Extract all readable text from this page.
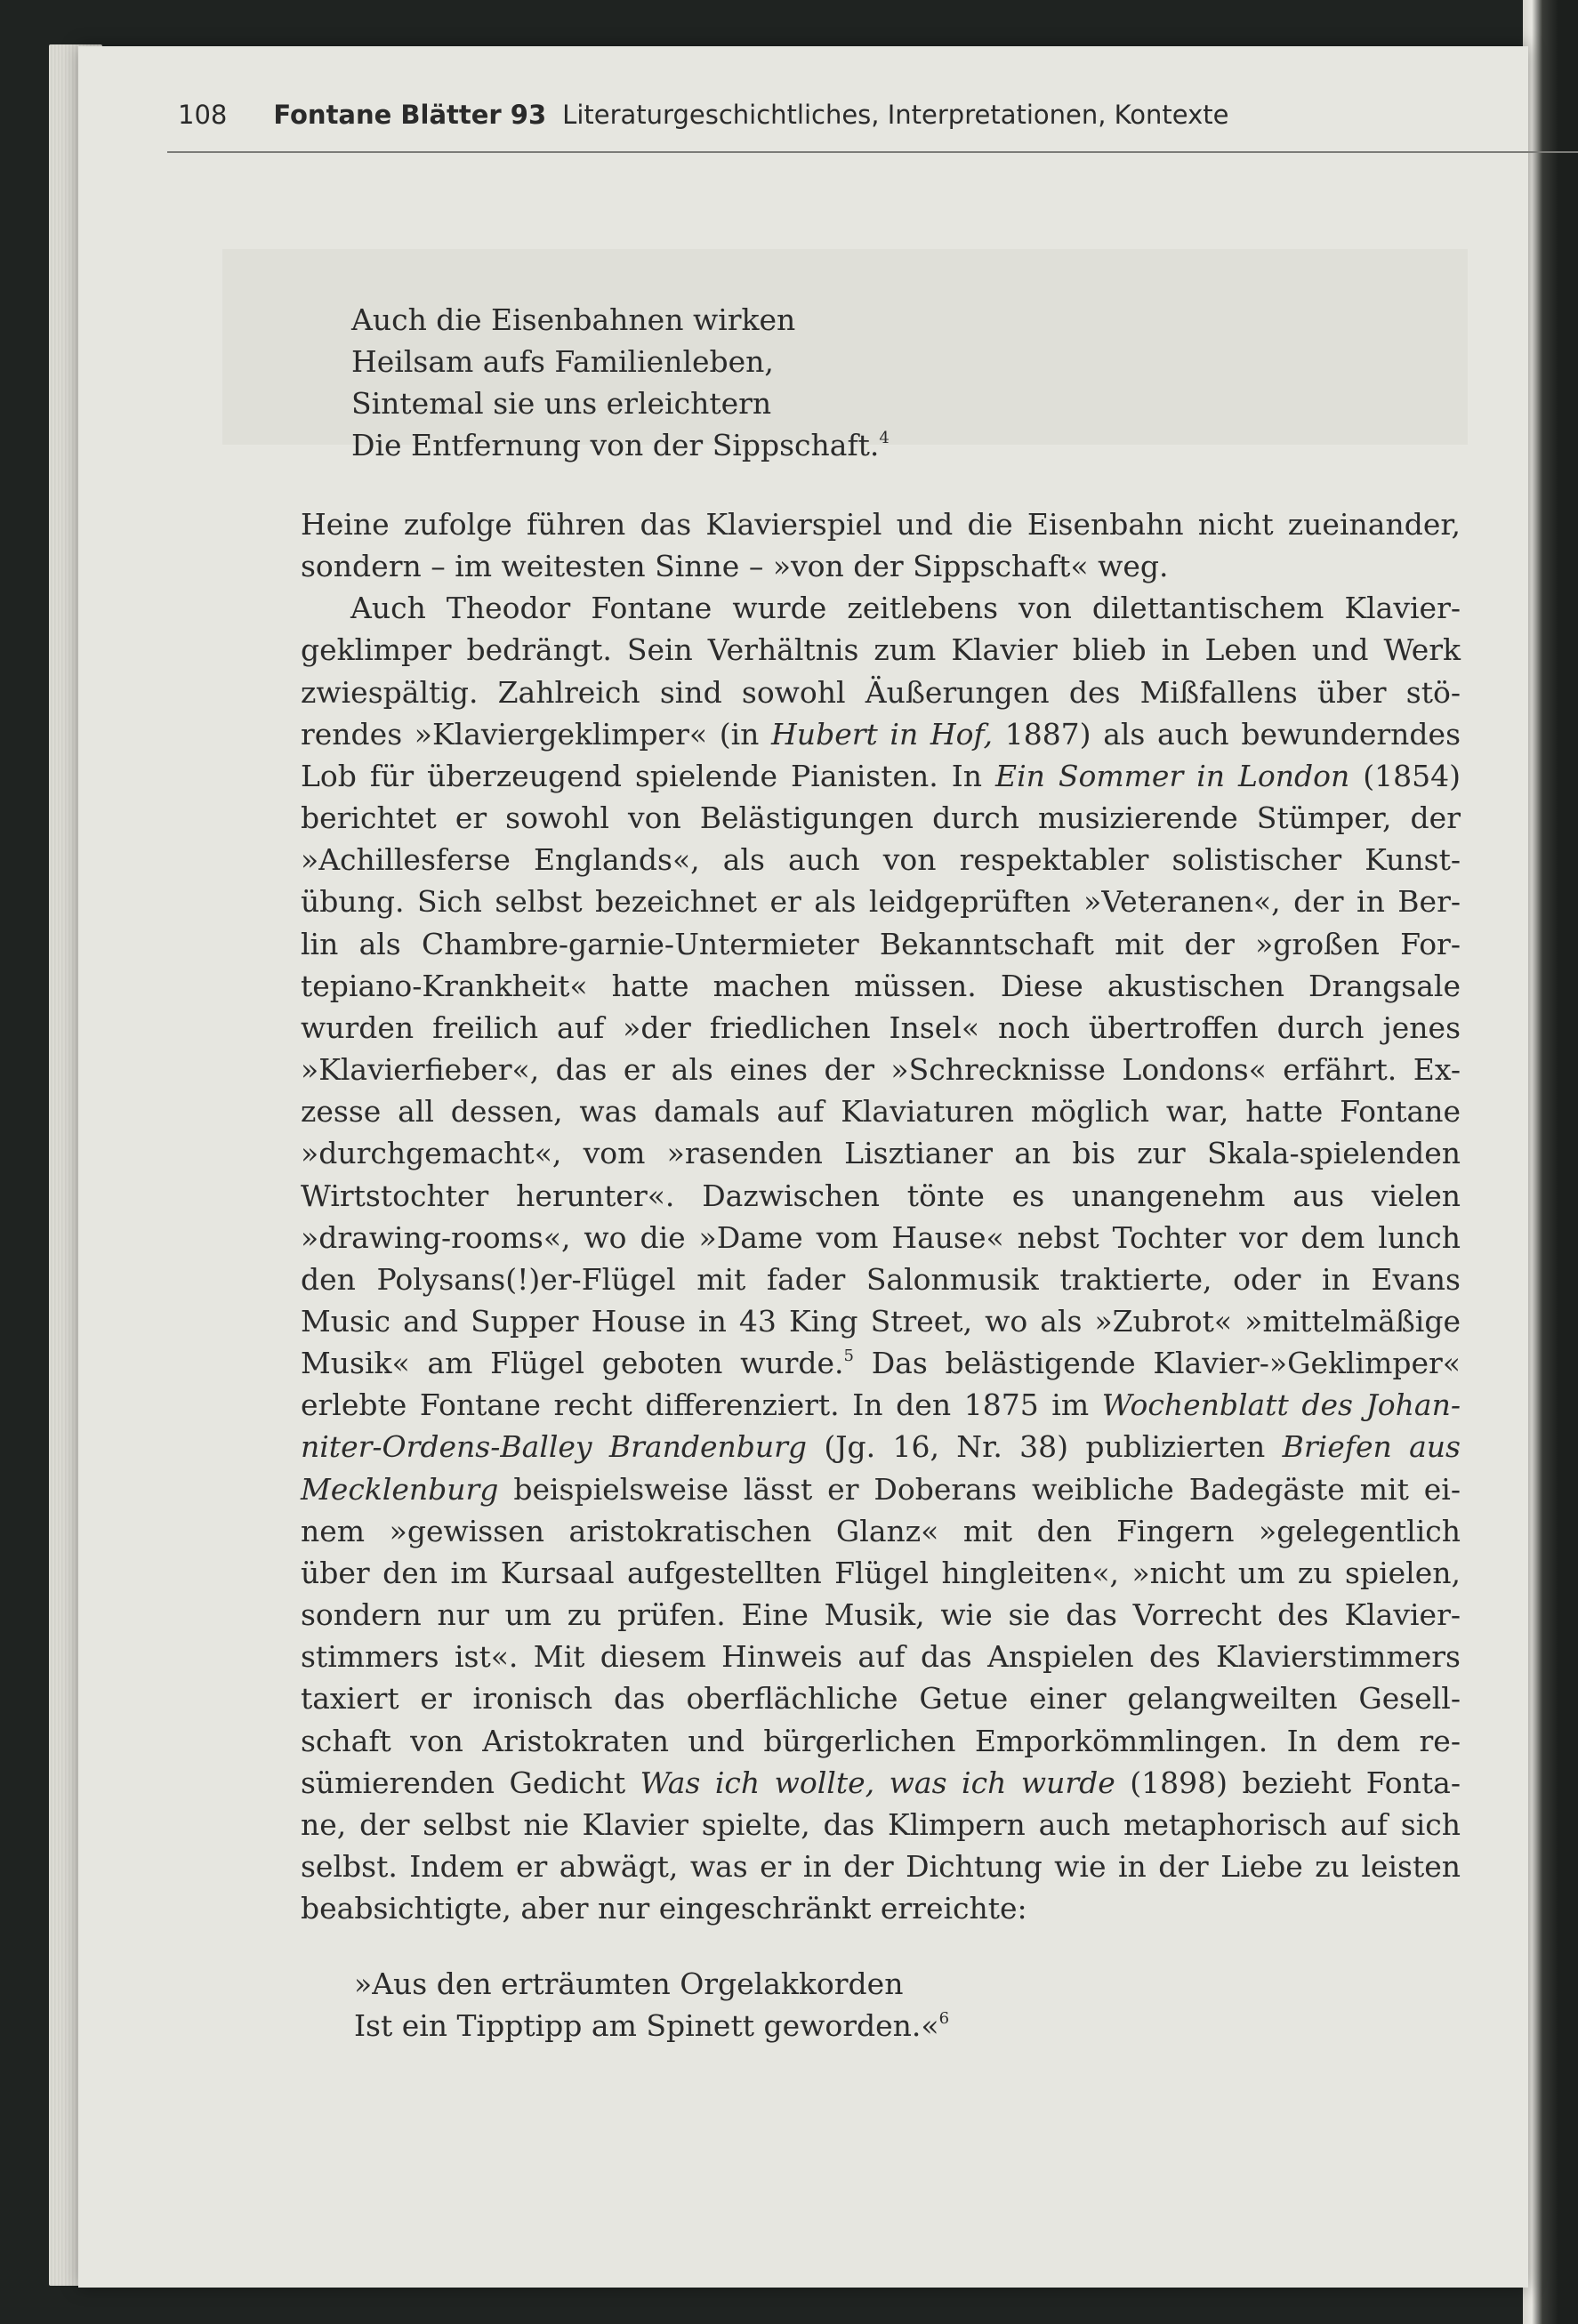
108 Fontane Blätter 93 Literaturgeschichtliches, Interpretationen, Kontexte
Auch die Eisenbahnen wirken
Heilsam aufs Familienleben,
Sintemal sie uns erleichtern
Die Entfernung von der Sippschaft.$^4$
Heine zufolge führen das Klavierspiel und die Eisenbahn nicht zueinander,
sondern – im weitesten Sinne – »von der Sippschaft« weg.
Auch Theodor Fontane wurde zeitlebens von dilettantischem Klavier-
geklimper bedrängt. Sein Verhältnis zum Klavier blieb in Leben und Werk
zwiespältig. Zahlreich sind sowohl Äußerungen des Mißfallens über stö-
rendes »Klaviergeklimper« (in Hubert in Hof, 1887) als auch bewunderndes
Lob für überzeugend spielende Pianisten. In Ein Sommer in London (1854)
berichtet er sowohl von Belästigungen durch musizierende Stümper, der
»Achillesferse Englands«, als auch von respektabler solistischer Kunst-
übung. Sich selbst bezeichnet er als leidgeprüften »Veteranen«, der in Ber-
lin als Chambre-garnie-Untermieter Bekanntschaft mit der »großen For-
tepiano-Krankheit« hatte machen müssen. Diese akustischen Drangsale
wurden freilich auf »der friedlichen Insel« noch übertroffen durch jenes
»Klavierfieber«, das er als eines der »Schrecknisse Londons« erfährt. Ex-
zesse all dessen, was damals auf Klaviaturen möglich war, hatte Fontane
»durchgemacht«, vom »rasenden Lisztianer an bis zur Skala-spielenden
Wirtstochter herunter«. Dazwischen tönte es unangenehm aus vielen
»drawing-rooms«, wo die »Dame vom Hause« nebst Tochter vor dem lunch
den Polysans(!)er-Flügel mit fader Salonmusik traktierte, oder in Evans
Music and Supper House in 43 King Street, wo als »Zubrot« »mittelmäßige
Musik« am Flügel geboten wurde.$^5$ Das belästigende Klavier-»Geklimper«
erlebte Fontane recht differenziert. In den 1875 im Wochenblatt des Johan-
niter-Ordens-Balley Brandenburg (Jg. 16, Nr. 38) publizierten Briefen aus
Mecklenburg beispielsweise lässt er Doberans weibliche Badegäste mit ei-
nem »gewissen aristokratischen Glanz« mit den Fingern »gelegentlich
über den im Kursaal aufgestellten Flügel hingleiten«, »nicht um zu spielen,
sondern nur um zu prüfen. Eine Musik, wie sie das Vorrecht des Klavier-
stimmers ist«. Mit diesem Hinweis auf das Anspielen des Klavierstimmers
taxiert er ironisch das oberflächliche Getue einer gelangweilten Gesell-
schaft von Aristokraten und bürgerlichen Emporkömmlingen. In dem re-
sümierenden Gedicht Was ich wollte, was ich wurde (1898) bezieht Fonta-
ne, der selbst nie Klavier spielte, das Klimpern auch metaphorisch auf sich
selbst. Indem er abwägt, was er in der Dichtung wie in der Liebe zu leisten
beabsichtigte, aber nur eingeschränkt erreichte:
»Aus den erträumten Orgelakkorden
Ist ein Tipptipp am Spinett geworden.«$^6$
